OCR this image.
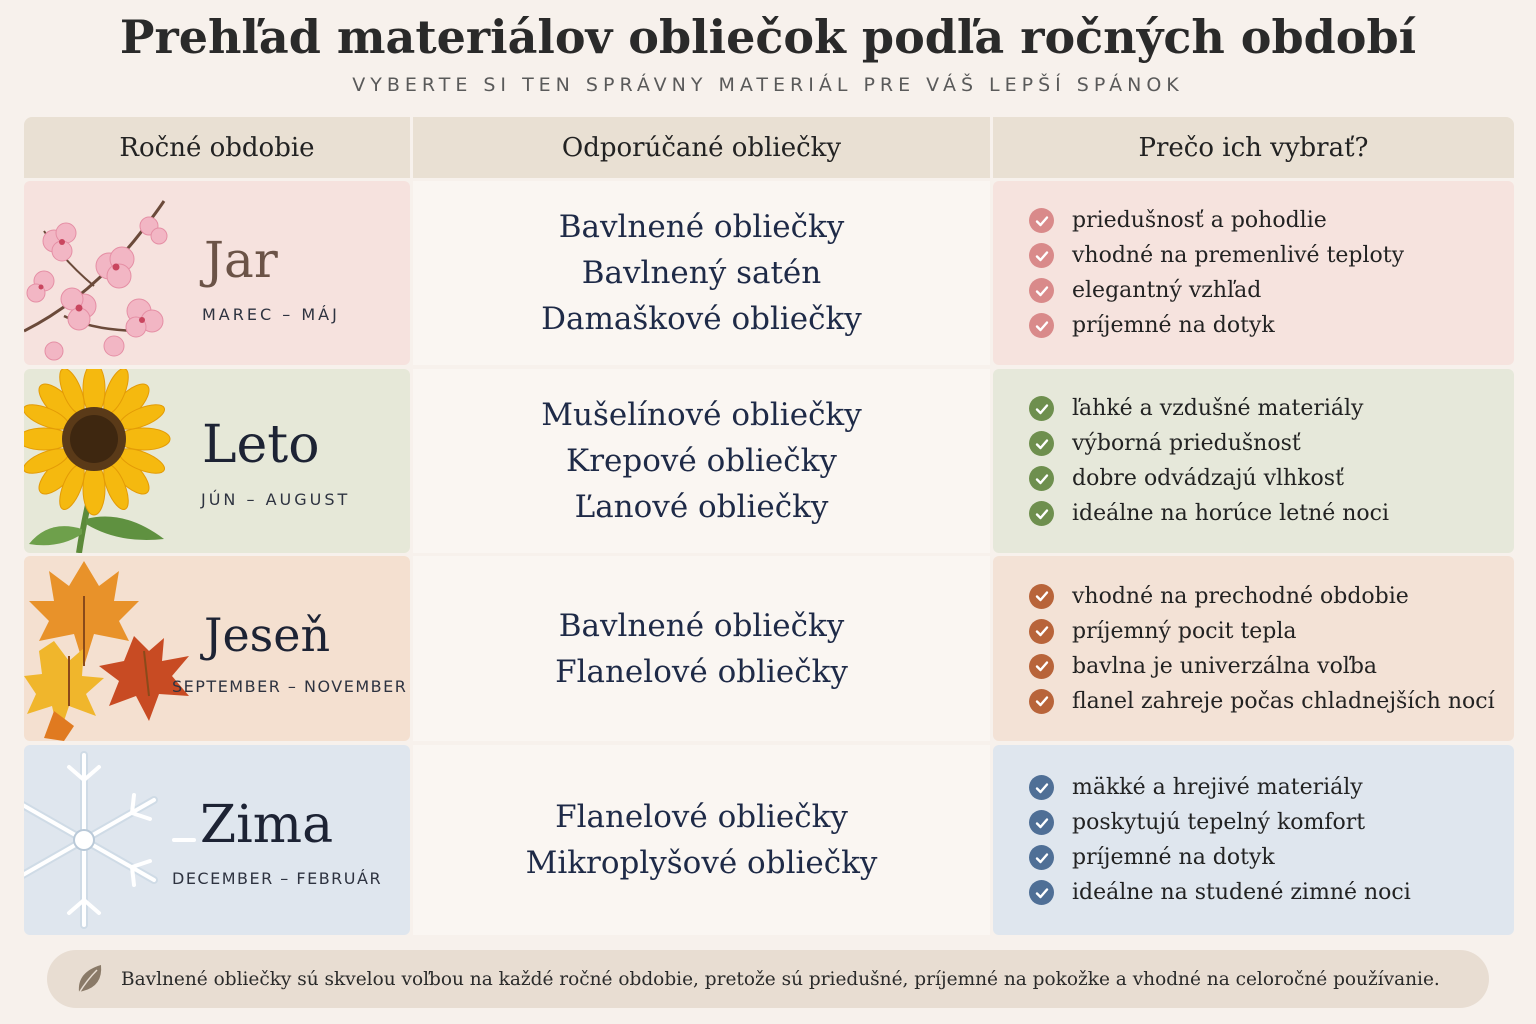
Prehľad materiálov obliečok podľa ročných období
VYBERTE SI TEN SPRÁVNY MATERIÁL PRE VÁŠ LEPŠÍ SPÁNOK
Ročné obdobie	Odporúčané obliečky	Prečo ich vybrať?
Jar
MAREC – MÁJ
Bavlnené obliečky
Bavlnený satén
Damaškové obliečky
priedušnosť a pohodlie
vhodné na premenlivé teploty
elegantný vzhľad
príjemné na dotyk
Leto
JÚN – AUGUST
Mušelínové obliečky
Krepové obliečky
Ľanové obliečky
ľahké a vzdušné materiály
výborná priedušnosť
dobre odvádzajú vlhkosť
ideálne na horúce letné noci
Jeseň
SEPTEMBER – NOVEMBER
Bavlnené obliečky
Flanelové obliečky
vhodné na prechodné obdobie
príjemný pocit tepla
bavlna je univerzálna voľba
flanel zahreje počas chladnejších nocí
Zima
DECEMBER – FEBRUÁR
Flanelové obliečky
Mikroplyšové obliečky
mäkké a hrejivé materiály
poskytujú tepelný komfort
príjemné na dotyk
ideálne na studené zimné noci
Bavlnené obliečky sú skvelou voľbou na každé ročné obdobie, pretože sú priedušné, príjemné na pokožke a vhodné na celoročné používanie.
